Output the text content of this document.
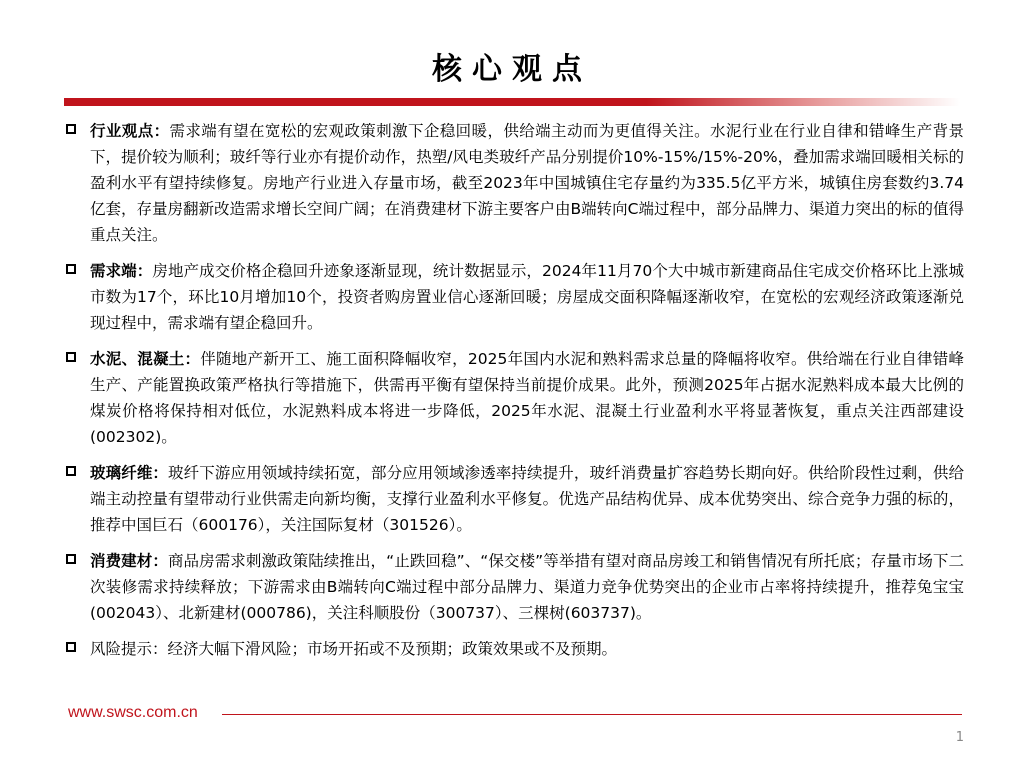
核心观点
行业观点：需求端有望在宽松的宏观政策刺激下企稳回暖，供给端主动而为更值得关注。水泥行业在行业自律和错峰生产背景下，提价较为顺利；玻纤等行业亦有提价动作，热塑/风电类玻纤产品分别提价10%-15%/15%-20%，叠加需求端回暖相关标的盈利水平有望持续修复。房地产行业进入存量市场，截至2023年中国城镇住宅存量约为335.5亿平方米，城镇住房套数约3.74亿套，存量房翻新改造需求增长空间广阔；在消费建材下游主要客户由B端转向C端过程中，部分品牌力、渠道力突出的标的值得重点关注。
需求端：房地产成交价格企稳回升迹象逐渐显现，统计数据显示，2024年11月70个大中城市新建商品住宅成交价格环比上涨城市数为17个，环比10月增加10个，投资者购房置业信心逐渐回暖；房屋成交面积降幅逐渐收窄，在宽松的宏观经济政策逐渐兑现过程中，需求端有望企稳回升。
水泥、混凝土：伴随地产新开工、施工面积降幅收窄，2025年国内水泥和熟料需求总量的降幅将收窄。供给端在行业自律错峰生产、产能置换政策严格执行等措施下，供需再平衡有望保持当前提价成果。此外，预测2025年占据水泥熟料成本最大比例的煤炭价格将保持相对低位，水泥熟料成本将进一步降低，2025年水泥、混凝土行业盈利水平将显著恢复，重点关注西部建设(002302)。
玻璃纤维：玻纤下游应用领域持续拓宽，部分应用领域渗透率持续提升，玻纤消费量扩容趋势长期向好。供给阶段性过剩，供给端主动控量有望带动行业供需走向新均衡，支撑行业盈利水平修复。优选产品结构优异、成本优势突出、综合竞争力强的标的，推荐中国巨石（600176），关注国际复材（301526）。
消费建材：商品房需求刺激政策陆续推出，“止跌回稳”、“保交楼”等举措有望对商品房竣工和销售情况有所托底；存量市场下二次装修需求持续释放；下游需求由B端转向C端过程中部分品牌力、渠道力竞争优势突出的企业市占率将持续提升，推荐兔宝宝(002043）、北新建材(000786)，关注科顺股份（300737）、三棵树(603737)。
风险提示：经济大幅下滑风险；市场开拓或不及预期；政策效果或不及预期。
www.swsc.com.cn
1
